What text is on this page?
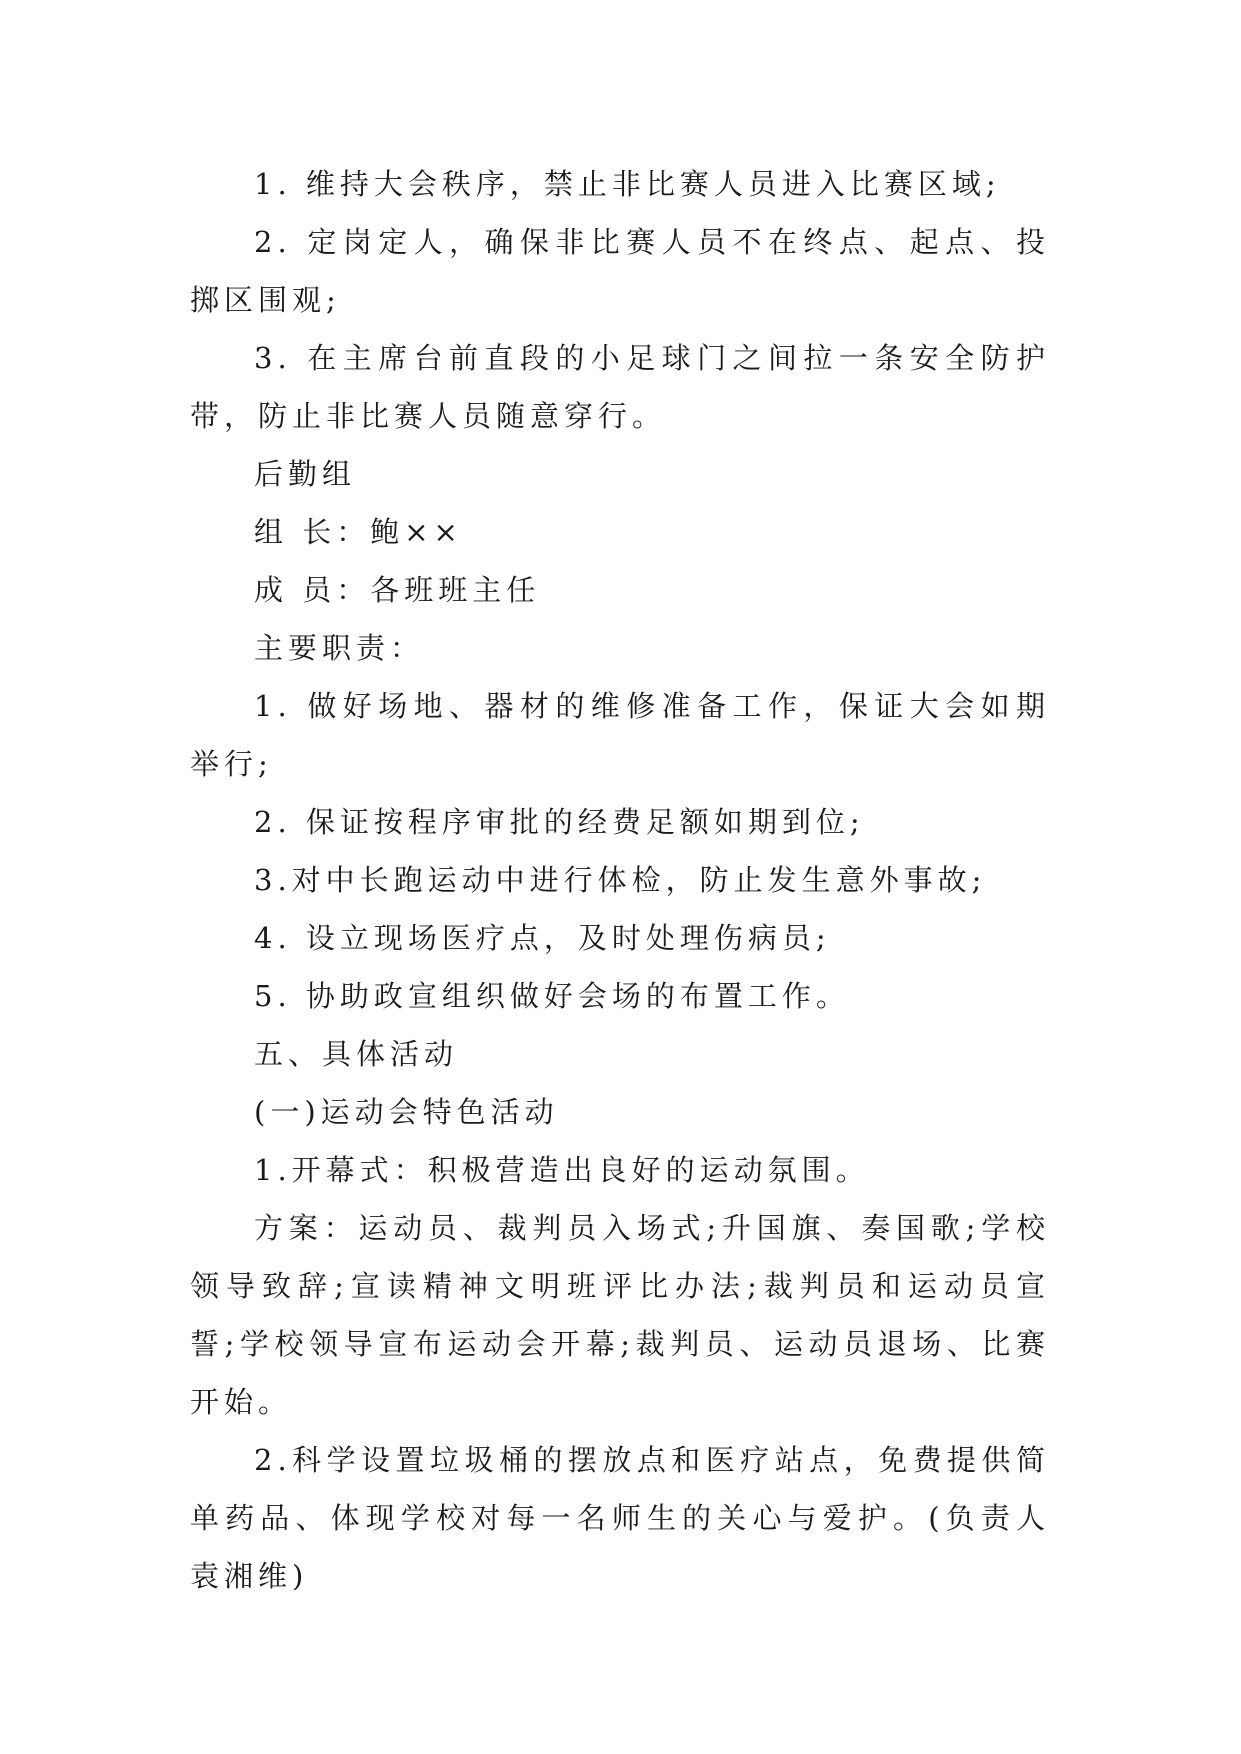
1. 维持大会秩序，禁止非比赛人员进入比赛区域;

2. 定岗定人，确保非比赛人员不在终点、起点、投掷区围观;

3. 在主席台前直段的小足球门之间拉一条安全防护带，防止非比赛人员随意穿行。

后勤组

组 长：鲍××

成 员：各班班主任

主要职责：

1. 做好场地、器材的维修准备工作，保证大会如期举行;

2. 保证按程序审批的经费足额如期到位;

3.对中长跑运动中进行体检，防止发生意外事故;

4. 设立现场医疗点，及时处理伤病员;

5. 协助政宣组织做好会场的布置工作。

五、具体活动

(一)运动会特色活动

1.开幕式：积极营造出良好的运动氛围。

方案：运动员、裁判员入场式;升国旗、奏国歌;学校领导致辞;宣读精神文明班评比办法;裁判员和运动员宣誓;学校领导宣布运动会开幕;裁判员、运动员退场、比赛开始。

2.科学设置垃圾桶的摆放点和医疗站点，免费提供简单药品、体现学校对每一名师生的关心与爱护。(负责人袁湘维)
